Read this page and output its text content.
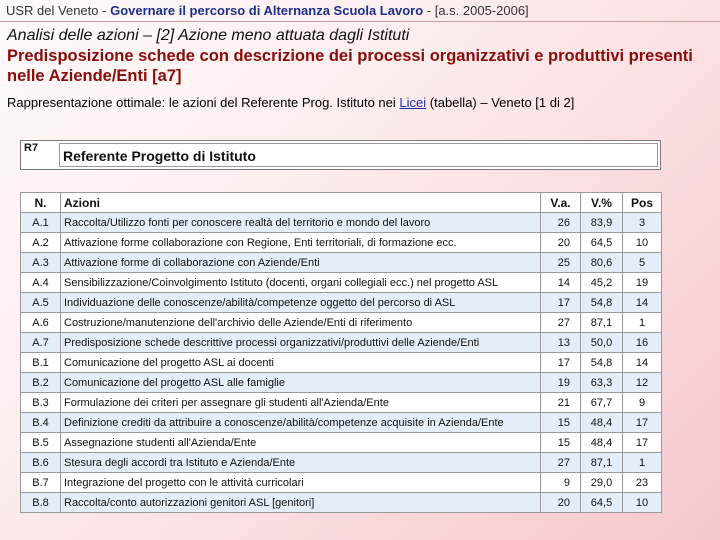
USR del Veneto - Governare il percorso di Alternanza Scuola Lavoro - [a.s. 2005-2006]
Analisi delle azioni – [2] Azione meno attuata dagli Istituti
Predisposizione schede con descrizione dei processi organizzativi e produttivi presenti nelle Aziende/Enti [a7]
Rappresentazione ottimale: le azioni del Referente Prog. Istituto nei Licei (tabella) – Veneto [1 di 2]
R7 Referente Progetto di Istituto
N.	Azioni	V.a.	V.%	Pos
A.1	Raccolta/Utilizzo fonti per conoscere realtà del territorio e mondo del lavoro	26	83,9	3
A.2	Attivazione forme collaborazione con Regione, Enti territoriali, di formazione ecc.	20	64,5	10
A.3	Attivazione forme di collaborazione con Aziende/Enti	25	80,6	5
A.4	Sensibilizzazione/Coinvolgimento Istituto (docenti, organi collegiali ecc.) nel progetto ASL	14	45,2	19
A.5	Individuazione delle conoscenze/abilità/competenze oggetto del percorso di ASL	17	54,8	14
A.6	Costruzione/manutenzione dell'archivio delle Aziende/Enti di riferimento	27	87,1	1
A.7	Predisposizione schede descrittive processi organizzativi/produttivi delle Aziende/Enti	13	50,0	16
B.1	Comunicazione del progetto ASL ai docenti	17	54,8	14
B.2	Comunicazione del progetto ASL alle famiglie	19	63,3	12
B.3	Formulazione dei criteri per assegnare gli studenti all'Azienda/Ente	21	67,7	9
B.4	Definizione crediti da attribuire a conoscenze/abilità/competenze acquisite in Azienda/Ente	15	48,4	17
B.5	Assegnazione studenti all'Azienda/Ente	15	48,4	17
B.6	Stesura degli accordi tra Istituto e Azienda/Ente	27	87,1	1
B.7	Integrazione del progetto con le attività curricolari	9	29,0	23
B.8	Raccolta/conto autorizzazioni genitori ASL [genitori]	20	64,5	10
